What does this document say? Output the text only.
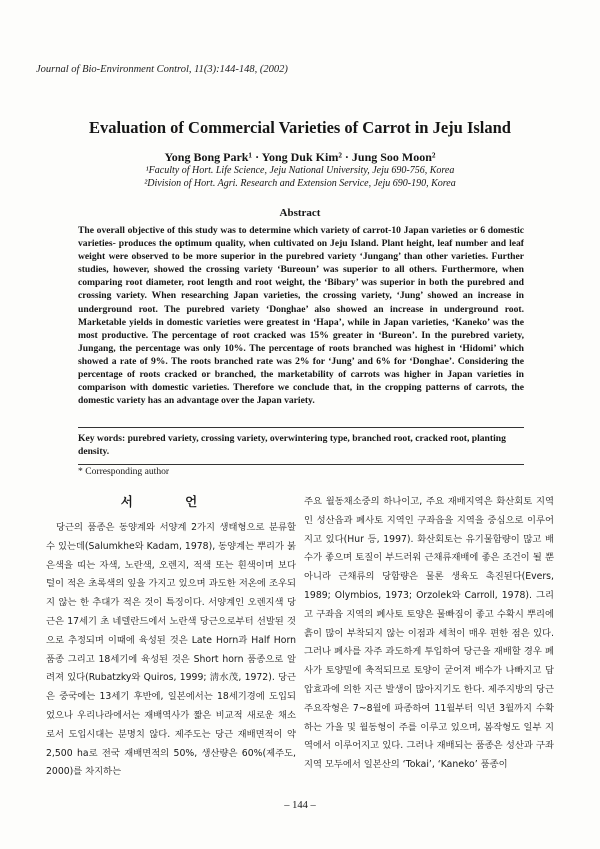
Journal of Bio-Environment Control, 11(3):144-148, (2002)
Evaluation of Commercial Varieties of Carrot in Jeju Island
Yong Bong Park¹ · Yong Duk Kim² · Jung Soo Moon²
¹Faculty of Hort. Life Science, Jeju National University, Jeju 690-756, Korea
²Division of Hort. Agri. Research and Extension Service, Jeju 690-190, Korea
Abstract
The overall objective of this study was to determine which variety of carrot-10 Japan varieties or 6 domestic varieties- produces the optimum quality, when cultivated on Jeju Island. Plant height, leaf number and leaf weight were observed to be more superior in the purebred variety ‘Jungang’ than other varieties. Further studies, however, showed the crossing variety ‘Bureoun’ was superior to all others. Furthermore, when comparing root diameter, root length and root weight, the ‘Bibary’ was superior in both the purebred and crossing variety. When researching Japan varieties, the crossing variety, ‘Jung’ showed an increase in underground root. The purebred variety ‘Donghae’ also showed an increase in underground root. Marketable yields in domestic varieties were greatest in ‘Hapa’, while in Japan varieties, ‘Kaneko’ was the most productive. The percentage of root cracked was 15% greater in ‘Bureon’. In the purebred variety, Jungang, the percentage was only 10%. The percentage of roots branched was highest in ‘Hidomi’ which showed a rate of 9%. The roots branched rate was 2% for ‘Jung’ and 6% for ‘Donghae’. Considering the percentage of roots cracked or branched, the marketability of carrots was higher in Japan varieties in comparison with domestic varieties. Therefore we conclude that, in the cropping patterns of carrots, the domestic variety has an advantage over the Japan variety.
Key words: purebred variety, crossing variety, overwintering type, branched root, cracked root, planting density.
* Corresponding author
서 언

당근의 품종은 동양계와 서양계 2가지 생태형으로 분류할 수 있는데(Salumkhe와 Kadam, 1978), 동양계는 뿌리가 붉은색을 띠는 자색, 노란색, 오렌지, 적색 또는 흰색이며 보다 털이 적은 초록색의 잎을 가지고 있으며 과도한 저온에 조우되지 않는 한 추대가 적은 것이 특징이다. 서양계인 오렌지색 당근은 17세기 초 네델란드에서 노란색 당근으로부터 선발된 것으로 추정되며 이때에 육성된 것은 Late Horn과 Half Horn 품종 그리고 18세기에 육성된 것은 Short horn 품종으로 알려져 있다(Rubatzky와 Quiros, 1999; 淸水茂, 1972). 당근은 중국에는 13세기 후반에, 일본에서는 18세기경에 도입되었으나 우리나라에서는 재배역사가 짧은 비교적 새로운 채소로서 도입시대는 분명치 않다. 제주도는 당근 재배면적이 약 2,500 ha로 전국 재배면적의 50%, 생산량은 60%(제주도, 2000)를 차지하는

주요 월동채소중의 하나이고, 주요 재배지역은 화산회토 지역인 성산읍과 폐사토 지역인 구좌읍을 지역을 중심으로 이루어지고 있다(Hur 등, 1997). 화산회토는 유기물함량이 많고 배수가 좋으며 토질이 부드러워 근채류재배에 좋은 조건이 될 뿐 아니라 근채류의 당함량은 물론 생육도 촉진된다(Evers, 1989; Olymbios, 1973; Orzolek와 Carroll, 1978). 그리고 구좌읍 지역의 폐사토 토양은 물빠짐이 좋고 수확시 뿌리에 흙이 많이 부착되지 않는 이점과 세척이 매우 편한 점은 있다. 그러나 폐사를 자주 과도하게 투입하여 당근을 재배할 경우 폐사가 토양밑에 축적되므로 토양이 굳어져 배수가 나빠지고 답압효과에 의한 지근 발생이 많아지기도 한다. 제주지방의 당근 주요작형은 7~8월에 파종하여 11월부터 익년 3월까지 수확하는 가을 및 월동형이 주를 이루고 있으며, 봄작형도 일부 지역에서 이루어지고 있다. 그러나 재배되는 품종은 성산과 구좌 지역 모두에서 일본산의 ‘Tokai’, ‘Kaneko’ 품종이

– 144 –
